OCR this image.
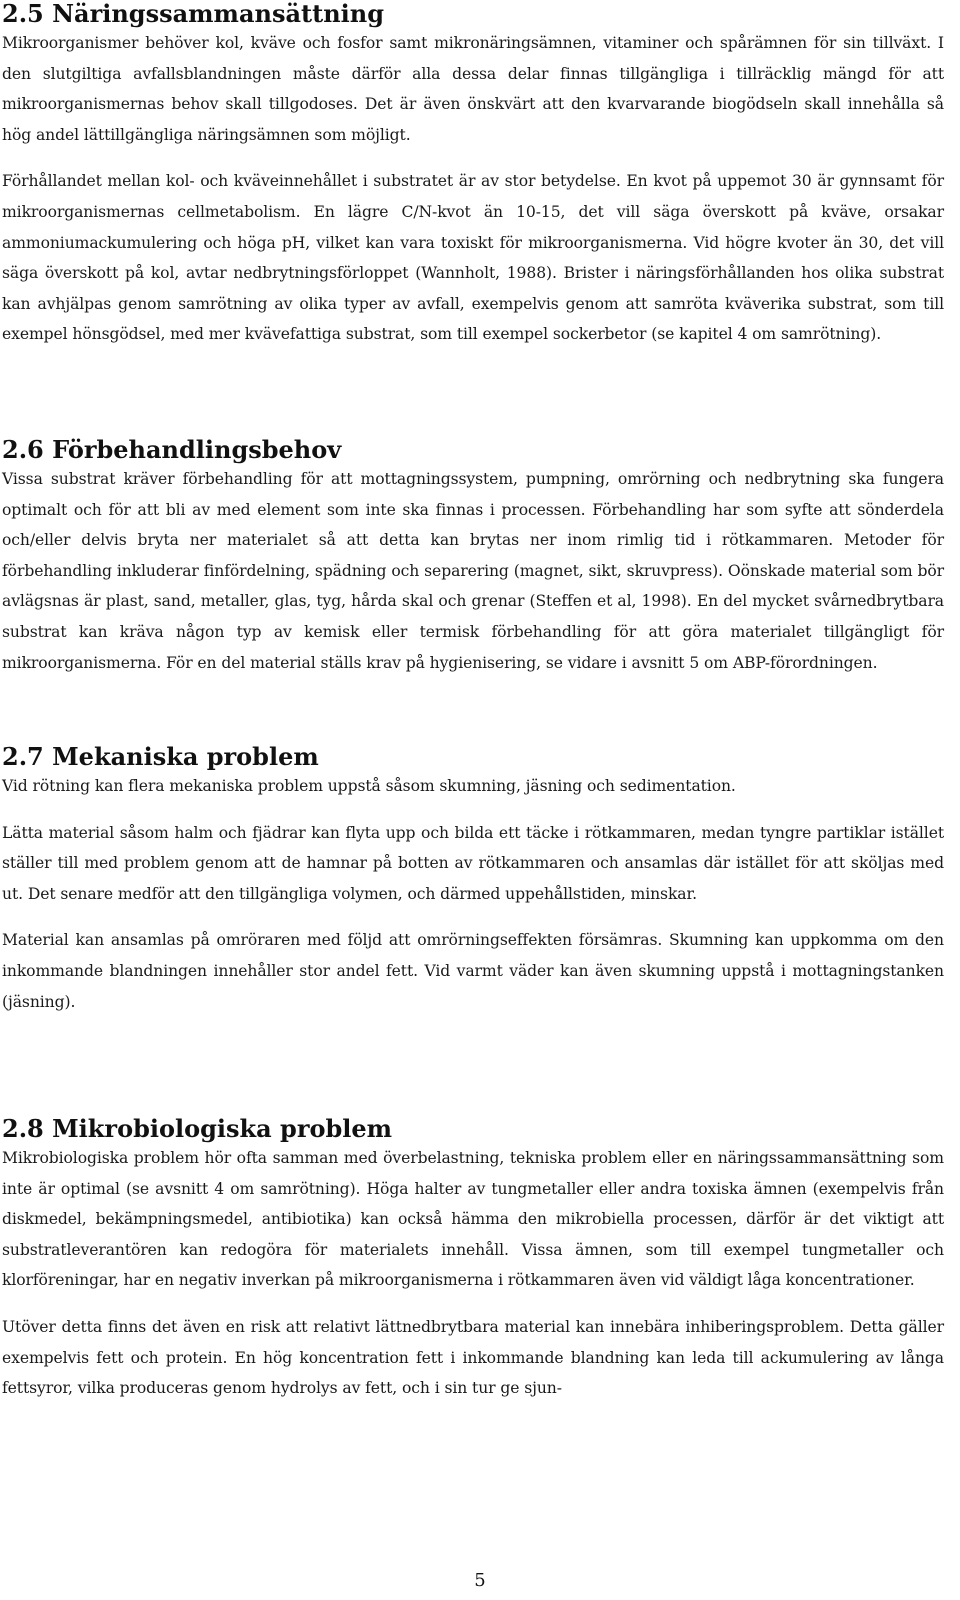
2.5 Näringssammansättning

Mikroorganismer behöver kol, kväve och fosfor samt mikronäringsämnen, vitaminer och spårämnen för sin tillväxt. I den slutgiltiga avfallsblandningen måste därför alla dessa delar finnas tillgängliga i tillräcklig mängd för att mikroorganismernas behov skall tillgodoses. Det är även önskvärt att den kvarvarande biogödseln skall innehålla så hög andel lättillgängliga näringsämnen som möjligt.

Förhållandet mellan kol- och kväveinnehållet i substratet är av stor betydelse. En kvot på uppemot 30 är gynnsamt för mikroorganismernas cellmetabolism. En lägre C/N-kvot än 10-15, det vill säga överskott på kväve, orsakar ammoniumackumulering och höga pH, vilket kan vara toxiskt för mikroorganismerna. Vid högre kvoter än 30, det vill säga överskott på kol, avtar nedbrytningsförloppet (Wannholt, 1988). Brister i näringsförhållanden hos olika substrat kan avhjälpas genom samrötning av olika typer av avfall, exempelvis genom att samröta kväverika substrat, som till exempel hönsgödsel, med mer kvävefattiga substrat, som till exempel sockerbetor (se kapitel 4 om samrötning).

2.6 Förbehandlingsbehov

Vissa substrat kräver förbehandling för att mottagningssystem, pumpning, omrörning och nedbrytning ska fungera optimalt och för att bli av med element som inte ska finnas i processen. Förbehandling har som syfte att sönderdela och/eller delvis bryta ner materialet så att detta kan brytas ner inom rimlig tid i rötkammaren. Metoder för förbehandling inkluderar finfördelning, spädning och separering (magnet, sikt, skruvpress). Oönskade material som bör avlägsnas är plast, sand, metaller, glas, tyg, hårda skal och grenar (Steffen et al, 1998). En del mycket svårnedbrytbara substrat kan kräva någon typ av kemisk eller termisk förbehandling för att göra materialet tillgängligt för mikroorganismerna. För en del material ställs krav på hygienisering, se vidare i avsnitt 5 om ABP-förordningen.

2.7 Mekaniska problem

Vid rötning kan flera mekaniska problem uppstå såsom skumning, jäsning och sedimentation.

Lätta material såsom halm och fjädrar kan flyta upp och bilda ett täcke i rötkammaren, medan tyngre partiklar istället ställer till med problem genom att de hamnar på botten av rötkammaren och ansamlas där istället för att sköljas med ut. Det senare medför att den tillgängliga volymen, och därmed uppehållstiden, minskar.

Material kan ansamlas på omröraren med följd att omrörningseffekten försämras. Skumning kan uppkomma om den inkommande blandningen innehåller stor andel fett. Vid varmt väder kan även skumning uppstå i mottagningstanken (jäsning).

2.8 Mikrobiologiska problem

Mikrobiologiska problem hör ofta samman med överbelastning, tekniska problem eller en näringssammansättning som inte är optimal (se avsnitt 4 om samrötning). Höga halter av tungmetaller eller andra toxiska ämnen (exempelvis från diskmedel, bekämpningsmedel, antibiotika) kan också hämma den mikrobiella processen, därför är det viktigt att substratleverantören kan redogöra för materialets innehåll. Vissa ämnen, som till exempel tungmetaller och klorföreningar, har en negativ inverkan på mikroorganismerna i rötkammaren även vid väldigt låga koncentrationer.

Utöver detta finns det även en risk att relativt lättnedbrytbara material kan innebära inhiberingsproblem. Detta gäller exempelvis fett och protein. En hög koncentration fett i inkommande blandning kan leda till ackumulering av långa fettsyror, vilka produceras genom hydrolys av fett, och i sin tur ge sjun-

5
